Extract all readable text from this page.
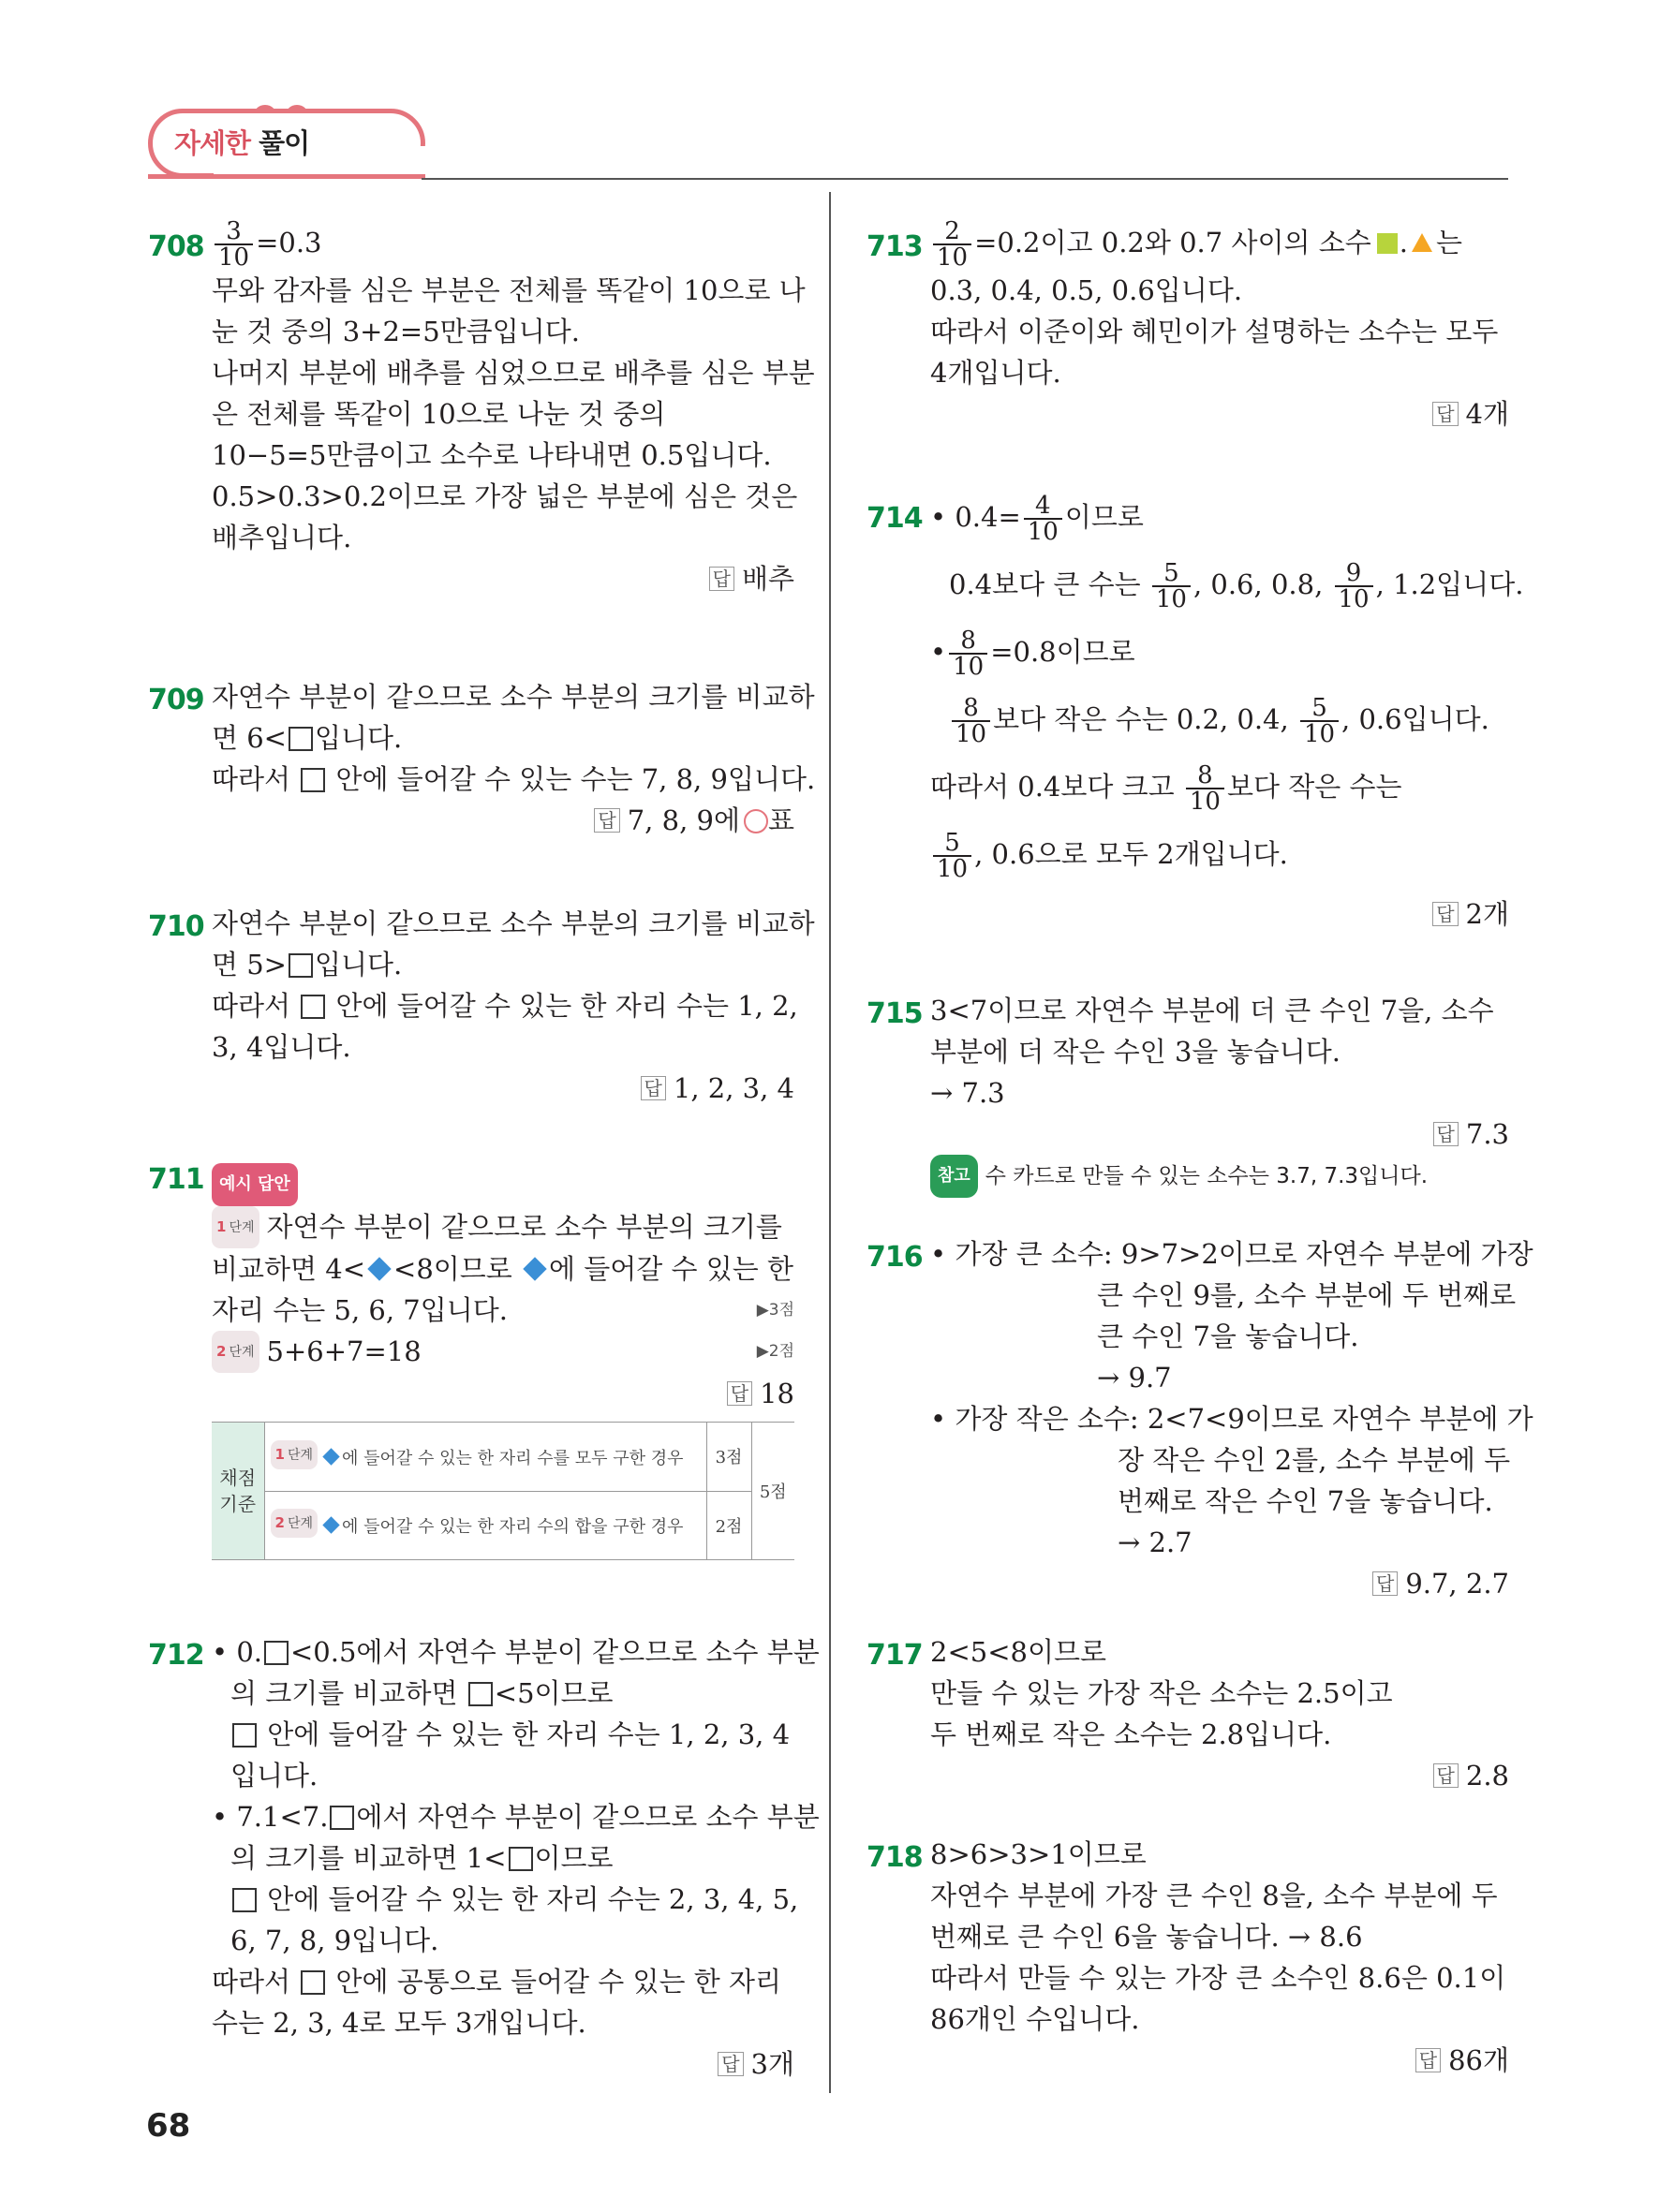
자세한 풀이
$708 \frac{3}{10} =0.3$
무와 감자를 심은 부분은 전체를 똑같이 10으로 나
눈 것 중의 3+2=5만큼입니다.
나머지 부분에 배추를 심었으므로 배추를 심은 부분
은 전체를 똑같이 10으로 나눈 것 중의
10−5=5만큼이고 소수로 나타내면 0.5입니다.
0.5>0.3>0.2이므로 가장 넓은 부분에 심은 것은
배추입니다.
답 배추
709 자연수 부분이 같으므로 소수 부분의 크기를 비교하
면 6< 입니다.
따라서 안에 들어갈 수 있는 수는 7, 8, 9입니다.
답 7, 8, 9에 표
710 자연수 부분이 같으므로 소수 부분의 크기를 비교하
면 5> 입니다.
따라서 안에 들어갈 수 있는 한 자리 수는 1, 2,
3, 4입니다.
답 1, 2, 3, 4
711 예시 답안
1 단계 자연수 부분이 같으므로 소수 부분의 크기를
비교하면 4< <8이므로 에 들어갈 수 있는 한
자리 수는 5, 6, 7입니다.	▶3점
2 단계 5+6+7=18	▶2점
답 18
채점 기준	1 단계 에 들어갈 수 있는 한 자리 수를 모두 구한 경우	3점	5점
	2 단계 에 들어갈 수 있는 한 자리 수의 합을 구한 경우	2점	
712 • 0. <0.5에서 자연수 부분이 같으므로 소수 부분
의 크기를 비교하면 <5이므로
안에 들어갈 수 있는 한 자리 수는 1, 2, 3, 4
입니다.
• 7.1<7. 에서 자연수 부분이 같으므로 소수 부분
의 크기를 비교하면 1< 이므로
안에 들어갈 수 있는 한 자리 수는 2, 3, 4, 5,
6, 7, 8, 9입니다.
따라서 안에 공통으로 들어갈 수 있는 한 자리
수는 2, 3, 4로 모두 3개입니다.
답 3개
$713 \frac{2}{10} =0.2$이고 0.2와 0.7 사이의 소수 . 는
0.3, 0.4, 0.5, 0.6입니다.
따라서 이준이와 혜민이가 설명하는 소수는 모두
4개입니다.
답 4개
714 • $0.4= \frac{4}{10}$ 이므로
0.4보다 큰 수는 $\frac{5}{10}$ , 0.6, 0.8, $\frac{9}{10}$ , 1.2입니다.
• $\frac{8}{10} =0.8$이므로
$\frac{8}{10}$ 보다 작은 수는 0.2, 0.4, $\frac{5}{10}$ , 0.6입니다.
따라서 0.4보다 크고 $\frac{8}{10}$ 보다 작은 수는
$\frac{5}{10}$ , 0.6으로 모두 2개입니다.
답 2개
715 3<7이므로 자연수 부분에 더 큰 수인 7을, 소수
부분에 더 작은 수인 3을 놓습니다.
→ 7.3
답 7.3
참고 수 카드로 만들 수 있는 소수는 3.7, 7.3입니다.
716 • 가장 큰 소수: 9>7>2이므로 자연수 부분에 가장
큰 수인 9를, 소수 부분에 두 번째로
큰 수인 7을 놓습니다.
→ 9.7
• 가장 작은 소수: 2<7<9이므로 자연수 부분에 가
장 작은 수인 2를, 소수 부분에 두
번째로 작은 수인 7을 놓습니다.
→ 2.7
답 9.7, 2.7
717 2<5<8이므로
만들 수 있는 가장 작은 소수는 2.5이고
두 번째로 작은 소수는 2.8입니다.
답 2.8
718 8>6>3>1이므로
자연수 부분에 가장 큰 수인 8을, 소수 부분에 두
번째로 큰 수인 6을 놓습니다. → 8.6
따라서 만들 수 있는 가장 큰 소수인 8.6은 0.1이
86개인 수입니다.
답 86개
68
